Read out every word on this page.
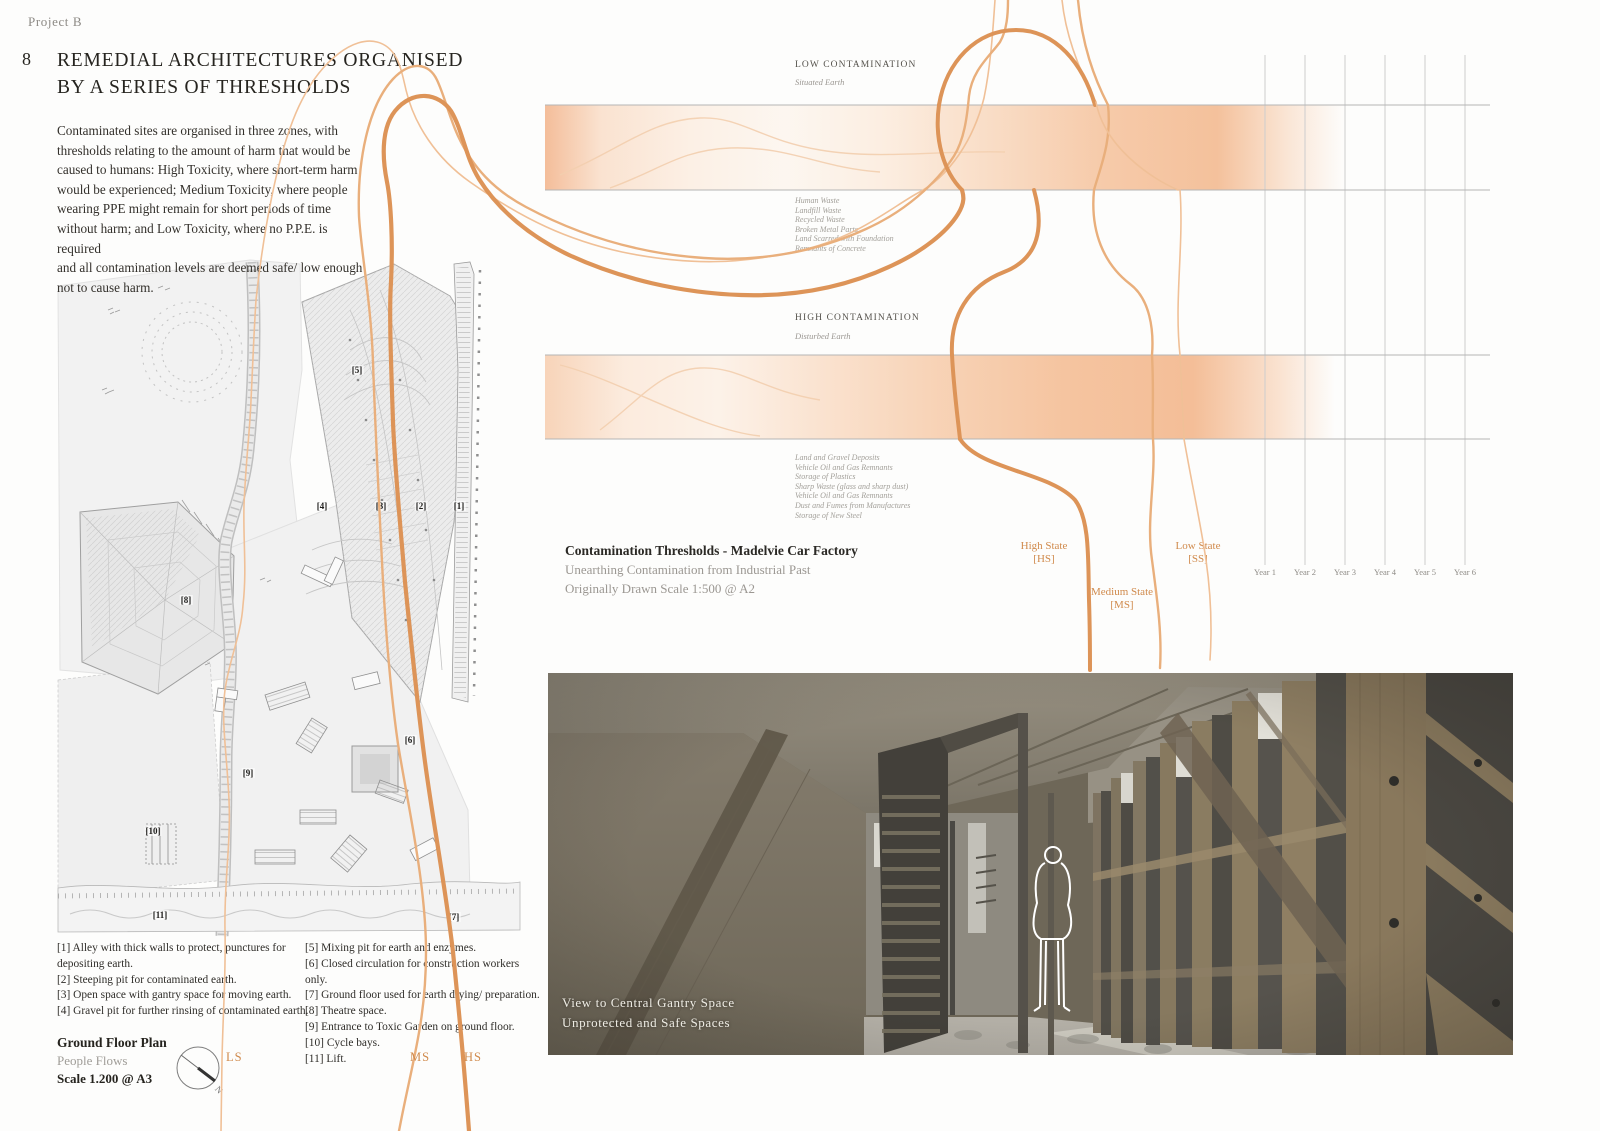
Project B
8 REMEDIAL ARCHITECTURES ORGANISED
BY A SERIES OF THRESHOLDS
Contaminated sites are organised in three zones, with
thresholds relating to the amount of harm that would be
caused to humans: High Toxicity, where short-term harm
would be experienced; Medium Toxicity, where people
wearing PPE might remain for short periods of time
without harm; and Low Toxicity, where no P.P.E. is required
and all contamination levels are deemed safe/ low enough
not to cause harm.
LOW CONTAMINATION
Situated Earth
Human Waste
Landfill Waste
Recycled Waste
Broken Metal Parts
Land Scarred with Foundation
Remnants of Concrete
HIGH CONTAMINATION
Disturbed Earth
Land and Gravel Deposits
Vehicle Oil and Gas Remnants
Storage of Plastics
Sharp Waste (glass and sharp dust)
Vehicle Oil and Gas Remnants
Dust and Fumes from Manufactures
Storage of New Steel
Contamination Thresholds - Madelvie Car Factory
Unearthing Contamination from Industrial Past
Originally Drawn Scale 1:500 @ A2
Year 1	Year 2	Year 3	Year 4	Year 5	Year 6
High State
[HS]
Medium State
[MS]
Low State
[SS]
[1]
[2]
[3]
[4]
[5]
[6]
[7]
[8]
[9]
[10]
[11]
View to Central Gantry Space
Unprotected and Safe Spaces
[1] Alley with thick walls to protect, punctures for depositing earth.
[2] Steeping pit for contaminated earth.
[3] Open space with gantry space for moving earth.
[4] Gravel pit for further rinsing of contaminated earth.
[5] Mixing pit for earth and enzymes.
[6] Closed circulation for construction workers only.
[7] Ground floor used for earth drying/ preparation.
[8] Theatre space.
[9] Entrance to Toxic Garden on ground floor.
[10] Cycle bays.
[11] Lift.
Ground Floor Plan
People Flows
Scale 1.200 @ A3
N
LS	MS	HS
